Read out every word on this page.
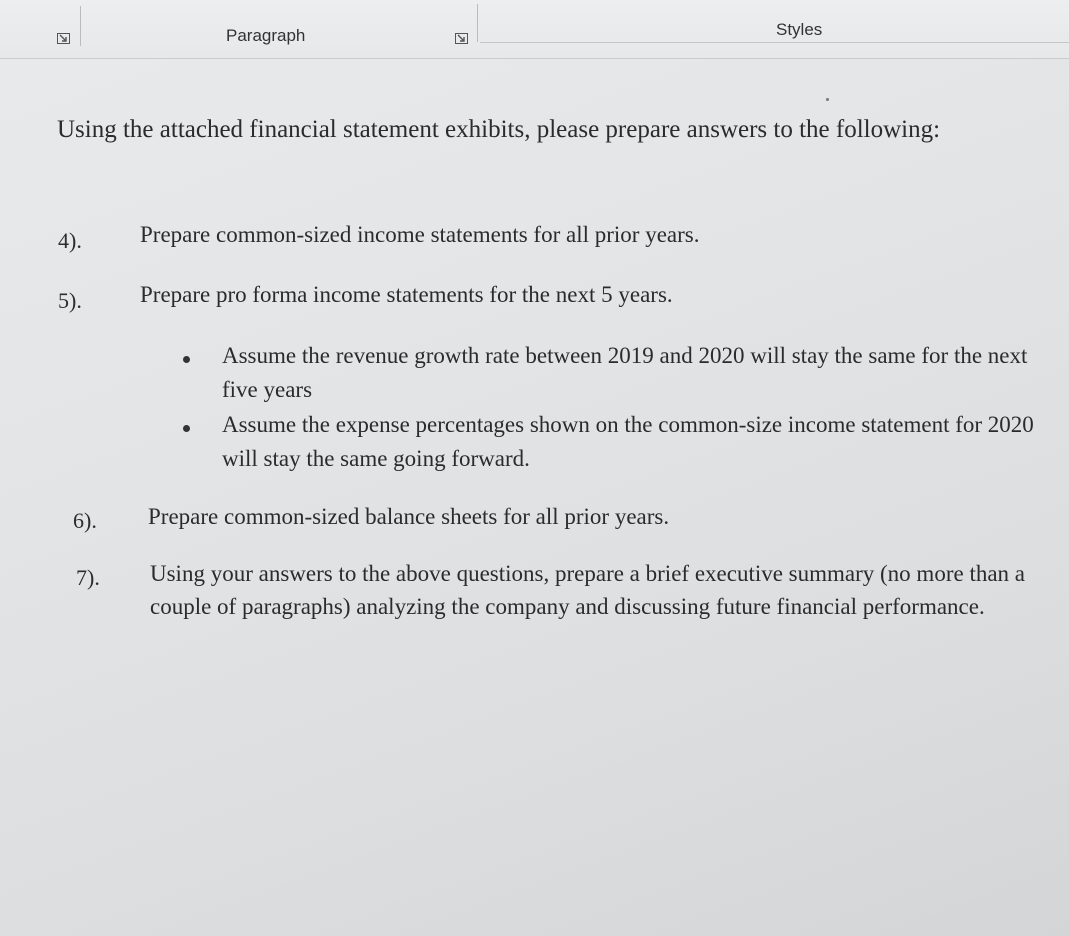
Paragraph	Styles
Using the attached financial statement exhibits, please prepare answers to the following:
4).	Prepare common-sized income statements for all prior years.
5).	Prepare pro forma income statements for the next 5 years.
Assume the revenue growth rate between 2019 and 2020 will stay the same for the next five years
Assume the expense percentages shown on the common-size income statement for 2020 will stay the same going forward.
6). Prepare common-sized balance sheets for all prior years.
7). Using your answers to the above questions, prepare a brief executive summary (no more than a couple of paragraphs) analyzing the company and discussing future financial performance.
